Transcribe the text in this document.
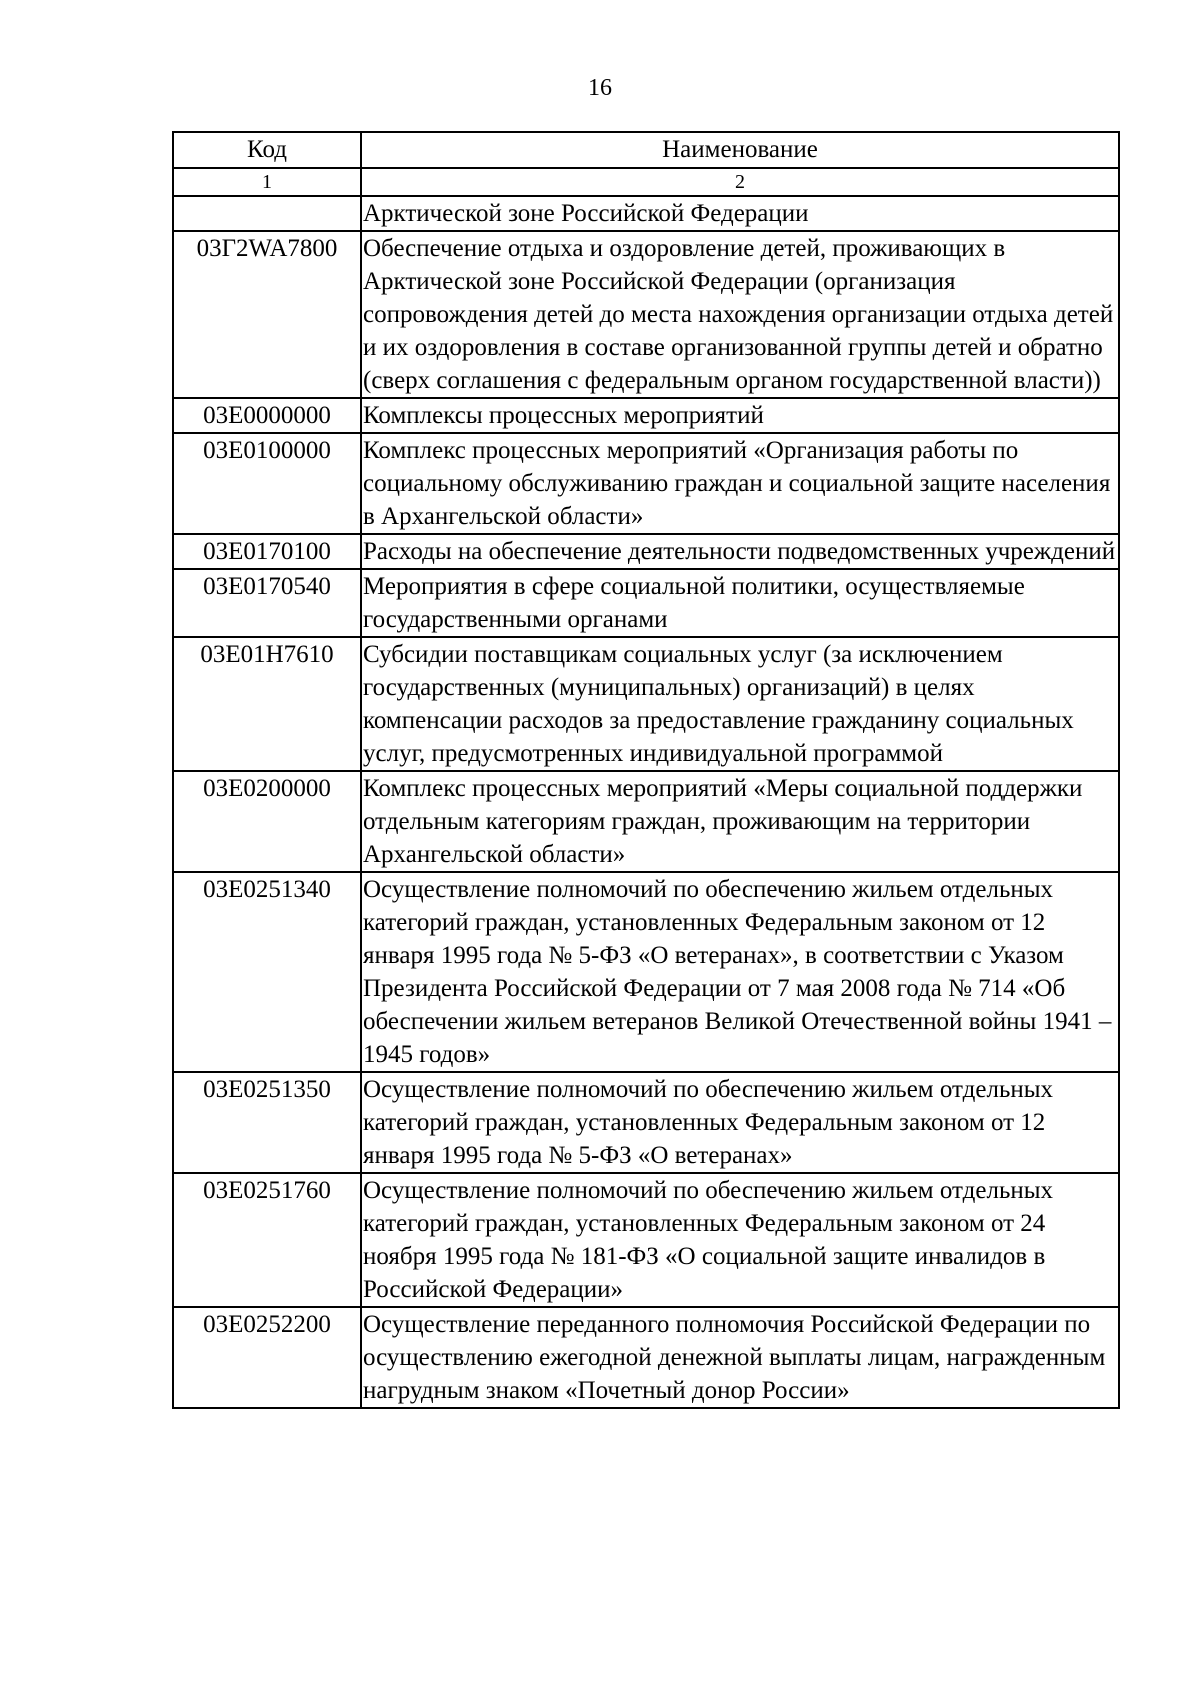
16
Код	Наименование
1	2
	Арктической зоне Российской Федерации
03Г2WA7800	Обеспечение отдыха и оздоровление детей, проживающих в Арктической зоне Российской Федерации (организация сопровождения детей до места нахождения организации отдыха детей и их оздоровления в составе организованной группы детей и обратно (сверх соглашения с федеральным органом государственной власти))
03Е0000000	Комплексы процессных мероприятий
03Е0100000	Комплекс процессных мероприятий «Организация работы по социальному обслуживанию граждан и социальной защите населения в Архангельской области»
03Е0170100	Расходы на обеспечение деятельности подведомственных учреждений
03Е0170540	Мероприятия в сфере социальной политики, осуществляемые государственными органами
03Е01Н7610	Субсидии поставщикам социальных услуг (за исключением государственных (муниципальных) организаций) в целях компенсации расходов за предоставление гражданину социальных услуг, предусмотренных индивидуальной программой
03Е0200000	Комплекс процессных мероприятий «Меры социальной поддержки отдельным категориям граждан, проживающим на территории Архангельской области»
03Е0251340	Осуществление полномочий по обеспечению жильем отдельных категорий граждан, установленных Федеральным законом от 12 января 1995 года № 5-ФЗ «О ветеранах», в соответствии с Указом Президента Российской Федерации от 7 мая 2008 года № 714 «Об обеспечении жильем ветеранов Великой Отечественной войны 1941 – 1945 годов»
03Е0251350	Осуществление полномочий по обеспечению жильем отдельных категорий граждан, установленных Федеральным законом от 12 января 1995 года № 5-ФЗ «О ветеранах»
03Е0251760	Осуществление полномочий по обеспечению жильем отдельных категорий граждан, установленных Федеральным законом от 24 ноября 1995 года № 181-ФЗ «О социальной защите инвалидов в Российской Федерации»
03Е0252200	Осуществление переданного полномочия Российской Федерации по осуществлению ежегодной денежной выплаты лицам, награжденным нагрудным знаком «Почетный донор России»
